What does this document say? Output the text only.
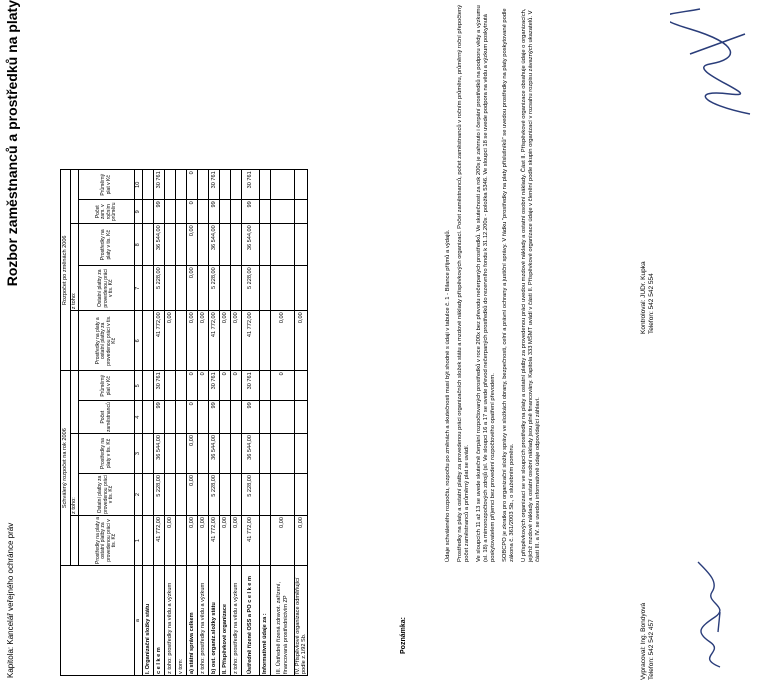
Kapitola: Kancelář veřejného ochránce práv
Rozbor zaměstnanců a prostředků na platy
	Schválený rozpočet na rok 2006					Rozpočet po změnách 2006				
		z toho:					z toho:			
	Prostředky na platy a ostatní platby za provedenou práci v tis. Kč	Ostatní platby za provedenou práci v tis. Kč	Prostředky na platy v tis. Kč	Počet zaměstnanců	Průměrný plat v Kč	Prostředky na platy a ostatní platby za provedenou práci v tis. Kč	Ostatní platby za provedenou práci v tis. Kč	Prostředky na platy v tis. Kč	Počet zam. v ročním průměru	Průměrný plat v Kč
a	1	2	3	4	5	6	7	8	9	10
I. Organizační složky státu										
c e l k e m	41 772,00	5 228,00	36 544,00	99	30 761	41 772,00	5 228,00	36 544,00	99	30 761
z toho: prostředky na vědu a výzkum	0,00					0,00				
v tom:										
a) státní správa celkem	0,00	0,00	0,00	0	0	0,00	0,00	0,00	0	0
z toho: prostředky na vědu a výzkum	0,00				0	0,00				
b) ost. organiz.složky státu	41 772,00	5 228,00	36 544,00	99	30 761	41 772,00	5 228,00	36 544,00	99	30 761
II. Příspěvkové organizace	0,00				0	0,00				
z toho: prostředky na vědu a výzkum	0,00				0	0,00				
Ústředně řízené OSS a PO c e l k e m	41 772,00	5 228,00	36 544,00	99	30 761	41 772,00	5 228,00	36 544,00	99	30 761
Informativně údaje za :										
III. Ústředně řízená zdravot. zařízení, financovaná prostřednictvím ZP	0,00				0	0,00				
IV. Příspěvkové organizace odměňující podle z.1/92 Sb.	0,00					0,00				
Poznámka:

Údaje schváleného rozpočtu, rozpočtu po změnách a skutečnosti musí být shodné s údaji v tabulce č. 1 - Bilance příjmů a výdajů. Prostředky na platy a ostatní platby za provedenou práci organizačních složek státu a mzdové náklady příspěvkových organizací. Počet zaměstnanců, počet zaměstnanců v ročním průměru, průměrný roční přepočtený počet zaměstnanců a průměrný plat se uvádí. Ve sloupcích 11 až 13 se uvede skutečně čerpání rozpočtovaných prostředků v roce 200x bez převodu nečerpaných prostředků. Ve skutečnosti za rok 200x je zahrnuto i čerpání prostředků na podporu vědy a výzkumu (sl. 18) a mimorozpočtových zdrojů (sl. Ve sloupci 16 a 17 se uvede převod nečerpaných prostředků do rezervního fondu k 31.12.200x - položka 5346. Ve sloupci 18 se uvede podpora na vědu a výzkum poskytnutá poskytovatelem příjemci bez provedení rozpočtového opatření převodem. SOBCPO je zkratka pro organizační složky správy ve složkách obrany, bezpečnosti, celní a právní ochrany a justiční správy. V řádku "prostředky na platy příslušníků" se uvedou prostředky na platy poskytované podle zákona č. 361/2003 Sb., o služebním poměru. U příspěvkových organizací se ve sloupcích prostředky na platy a ostatní platby za provedenou práci uvedou mzdové náklady a ostatní osobní náklady. Část II. Příspěvkové organizace obsahuje údaje o organizacích, jejichž mzdové náklady a ostatní osobní náklady jsou plně financovány. Kapitola 333 MŠMT uvádí v části II. Příspěvkové organizace údaje v členění podle skupin organizací v rozsahu rozpisu závazných ukazatelů. V části III. a IV. se uvedou informativně údaje odpovídající záhlaví.

Vypracoval: Ing. Bondyová Telefon: 542 542 457
Kontroloval: JUDr. Kupka Telefon: 542 542 554
